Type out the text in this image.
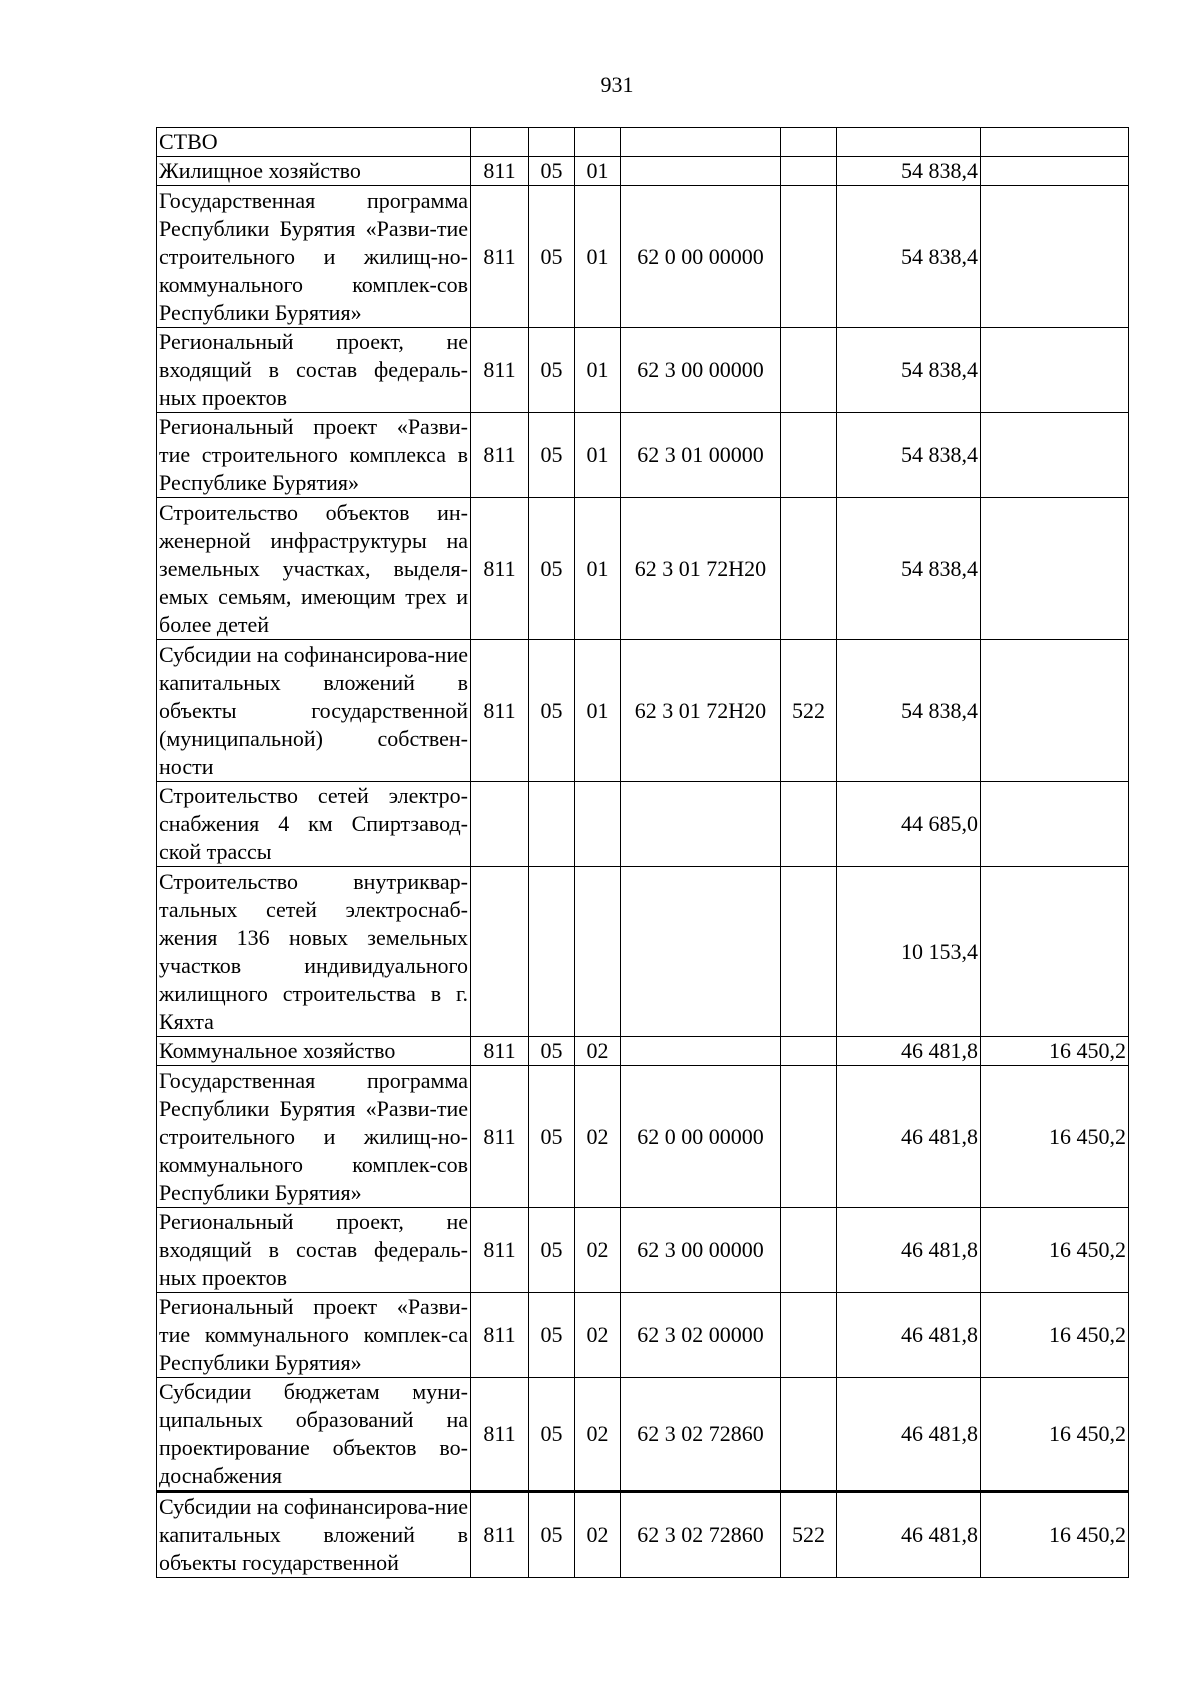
931
СТВО							
Жилищное хозяйство	811	05	01			54 838,4	
Государственная программа Республики Бурятия «Разви-тие строительного и жилищ-но-коммунального комплек-сов Республики Бурятия»	811	05	01	62 0 00 00000		54 838,4	
Региональный проект, не входящий в состав федераль-ных проектов	811	05	01	62 3 00 00000		54 838,4	
Региональный проект «Разви-тие строительного комплекса в Республике Бурятия»	811	05	01	62 3 01 00000		54 838,4	
Строительство объектов ин-женерной инфраструктуры на земельных участках, выделя-емых семьям, имеющим трех и более детей	811	05	01	62 3 01 72Н20		54 838,4	
Субсидии на софинансирова-ние капитальных вложений в объекты государственной (муниципальной) собствен-ности	811	05	01	62 3 01 72Н20	522	54 838,4	
Строительство сетей электро-снабжения 4 км Спиртзавод-ской трассы						44 685,0	
Строительство внутриквар-тальных сетей электроснаб-жения 136 новых земельных участков индивидуального жилищного строительства в г. Кяхта						10 153,4	
Коммунальное хозяйство	811	05	02			46 481,8	16 450,2
Государственная программа Республики Бурятия «Разви-тие строительного и жилищ-но-коммунального комплек-сов Республики Бурятия»	811	05	02	62 0 00 00000		46 481,8	16 450,2
Региональный проект, не входящий в состав федераль-ных проектов	811	05	02	62 3 00 00000		46 481,8	16 450,2
Региональный проект «Разви-тие коммунального комплек-са Республики Бурятия»	811	05	02	62 3 02 00000		46 481,8	16 450,2
Субсидии бюджетам муни-ципальных образований на проектирование объектов во-доснабжения	811	05	02	62 3 02 72860		46 481,8	16 450,2
Субсидии на софинансирова-ние капитальных вложений в объекты государственной	811	05	02	62 3 02 72860	522	46 481,8	16 450,2
